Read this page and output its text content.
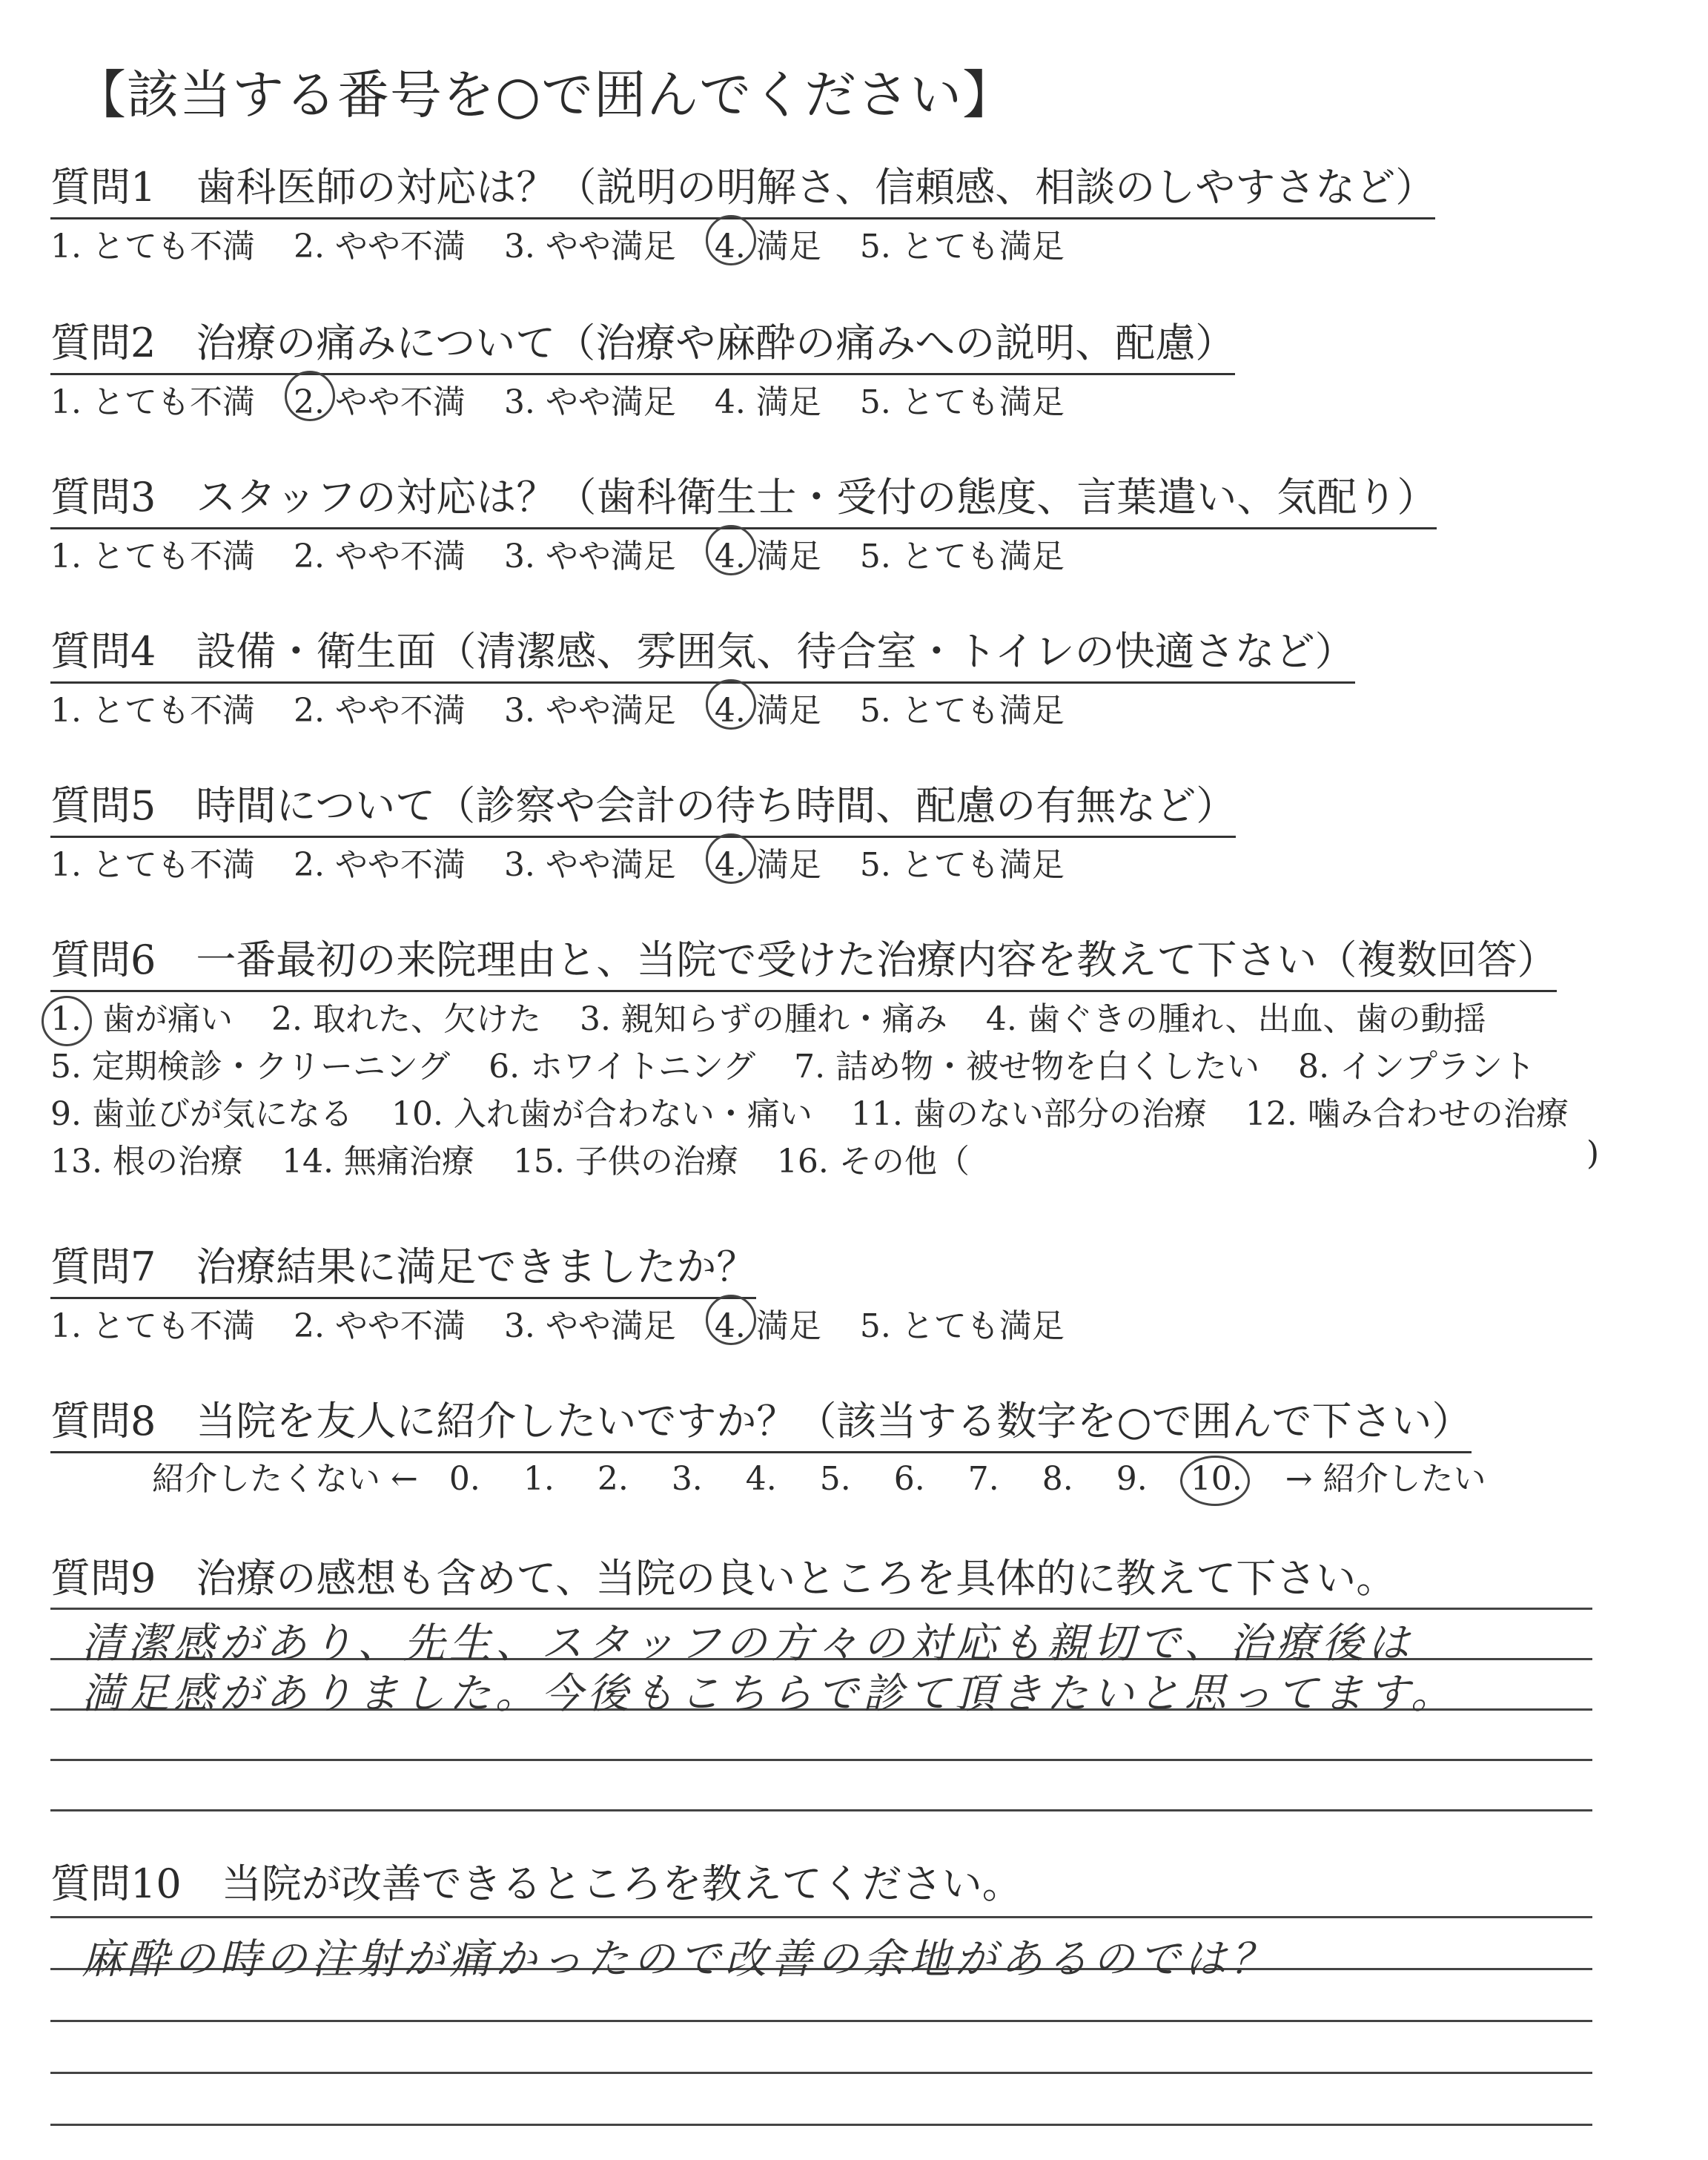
【該当する番号を○で囲んでください】
質問1　歯科医師の対応は？（説明の明解さ、信頼感、相談のしやすさなど）
1. とても不満 2. やや不満 3. やや満足 4. 満足 5. とても満足
質問2　治療の痛みについて（治療や麻酔の痛みへの説明、配慮）
1. とても不満 2. やや不満 3. やや満足 4. 満足 5. とても満足
質問3　スタッフの対応は？（歯科衛生士・受付の態度、言葉遣い、気配り）
1. とても不満 2. やや不満 3. やや満足 4. 満足 5. とても満足
質問4　設備・衛生面（清潔感、雰囲気、待合室・トイレの快適さなど）
1. とても不満 2. やや不満 3. やや満足 4. 満足 5. とても満足
質問5　時間について（診察や会計の待ち時間、配慮の有無など）
1. とても不満 2. やや不満 3. やや満足 4. 満足 5. とても満足
質問6　一番最初の来院理由と、当院で受けた治療内容を教えて下さい（複数回答）
1. 歯が痛い 2. 取れた、欠けた 3. 親知らずの腫れ・痛み 4. 歯ぐきの腫れ、出血、歯の動揺
5. 定期検診・クリーニング 6. ホワイトニング 7. 詰め物・被せ物を白くしたい 8. インプラント
9. 歯並びが気になる 10. 入れ歯が合わない・痛い 11. 歯のない部分の治療 12. 噛み合わせの治療
13. 根の治療 14. 無痛治療 15. 子供の治療 16. その他（	)
質問7　治療結果に満足できましたか？
1. とても不満 2. やや不満 3. やや満足 4. 満足 5. とても満足
質問8　当院を友人に紹介したいですか？（該当する数字を○で囲んで下さい）
紹介したくない ← 0. 1. 2. 3. 4. 5. 6. 7. 8. 9. 10. → 紹介したい
質問9　治療の感想も含めて、当院の良いところを具体的に教えて下さい。
清潔感があり、先生、スタッフの方々の対応も親切で、治療後は
満足感がありました。今後もこちらで診て頂きたいと思ってます。
質問10　当院が改善できるところを教えてください。
麻酔の時の注射が痛かったので改善の余地があるのでは？
